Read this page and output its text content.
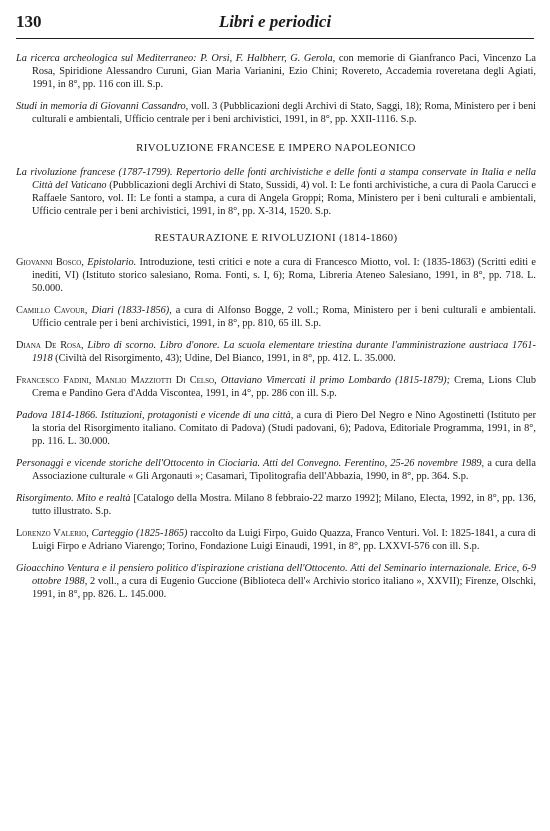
130	Libri e periodici

La ricerca archeologica sul Mediterraneo: P. Orsi, F. Halbherr, G. Gerola, con memorie di Gianfranco Paci, Vincenzo La Rosa, Spiridione Alessandro Curuni, Gian Maria Varianini, Ezio Chini; Rovereto, Accademia roveretana degli Agiati, 1991, in 8°, pp. 116 con ill. S.p.

Studi in memoria di Giovanni Cassandro, voll. 3 (Pubblicazioni degli Archivi di Stato, Saggi, 18); Roma, Ministero per i beni culturali e ambientali, Ufficio centrale per i beni archivistici, 1991, in 8°, pp. XXII-1116. S.p.

RIVOLUZIONE FRANCESE E IMPERO NAPOLEONICO

La rivoluzione francese (1787-1799). Repertorio delle fonti archivistiche e delle fonti a stampa conservate in Italia e nella Città del Vaticano (Pubblicazioni degli Archivi di Stato, Sussidi, 4) vol. I: Le fonti archivistiche, a cura di Paola Carucci e Raffaele Santoro, vol. II: Le fonti a stampa, a cura di Angela Groppi; Roma, Ministero per i beni culturali e ambientali, Ufficio centrale per i beni archivistici, 1991, in 8°, pp. X-314, 1520. S.p.

RESTAURAZIONE E RIVOLUZIONI (1814-1860)

Giovanni Bosco, Epistolario. Introduzione, testi critici e note a cura di Francesco Miotto, vol. I: (1835-1863) (Scritti editi e inediti, VI) (Istituto storico salesiano, Roma. Fonti, s. I, 6); Roma, Libreria Ateneo Salesiano, 1991, in 8°, pp. 718. L. 50.000.

Camillo Cavour, Diari (1833-1856), a cura di Alfonso Bogge, 2 voll.; Roma, Ministero per i beni culturali e ambientali. Ufficio centrale per i beni archivistici, 1991, in 8°, pp. 810, 65 ill. S.p.

Diana De Rosa, Libro di scorno. Libro d'onore. La scuola elementare triestina durante l'amministrazione austriaca 1761-1918 (Civiltà del Risorgimento, 43); Udine, Del Bianco, 1991, in 8°, pp. 412. L. 35.000.

Francesco Fadini, Manlio Mazziotti Di Celso, Ottaviano Vimercati il primo Lombardo (1815-1879); Crema, Lions Club Crema e Pandino Gera d'Adda Viscontea, 1991, in 4°, pp. 286 con ill. S.p.

Padova 1814-1866. Istituzioni, protagonisti e vicende di una città, a cura di Piero Del Negro e Nino Agostinetti (Istituto per la storia del Risorgimento italiano. Comitato di Padova) (Studi padovani, 6); Padova, Editoriale Programma, 1991, in 8°, pp. 116. L. 30.000.

Personaggi e vicende storiche dell'Ottocento in Ciociaria. Atti del Convegno. Ferentino, 25-26 novembre 1989, a cura della Associazione culturale « Gli Argonauti »; Casamari, Tipolitografia dell'Abbazia, 1990, in 8°, pp. 364. S.p.

Risorgimento. Mito e realtà [Catalogo della Mostra. Milano 8 febbraio-22 marzo 1992]; Milano, Electa, 1992, in 8°, pp. 136, tutto illustrato. S.p.

Lorenzo Valerio, Carteggio (1825-1865) raccolto da Luigi Firpo, Guido Quazza, Franco Venturi. Vol. I: 1825-1841, a cura di Luigi Firpo e Adriano Viarengo; Torino, Fondazione Luigi Einaudi, 1991, in 8°, pp. LXXVI-576 con ill. S.p.

Gioacchino Ventura e il pensiero politico d'ispirazione cristiana dell'Ottocento. Atti del Seminario internazionale. Erice, 6-9 ottobre 1988, 2 voll., a cura di Eugenio Guccione (Biblioteca dell'« Archivio storico italiano », XXVII); Firenze, Olschki, 1991, in 8°, pp. 826. L. 145.000.
